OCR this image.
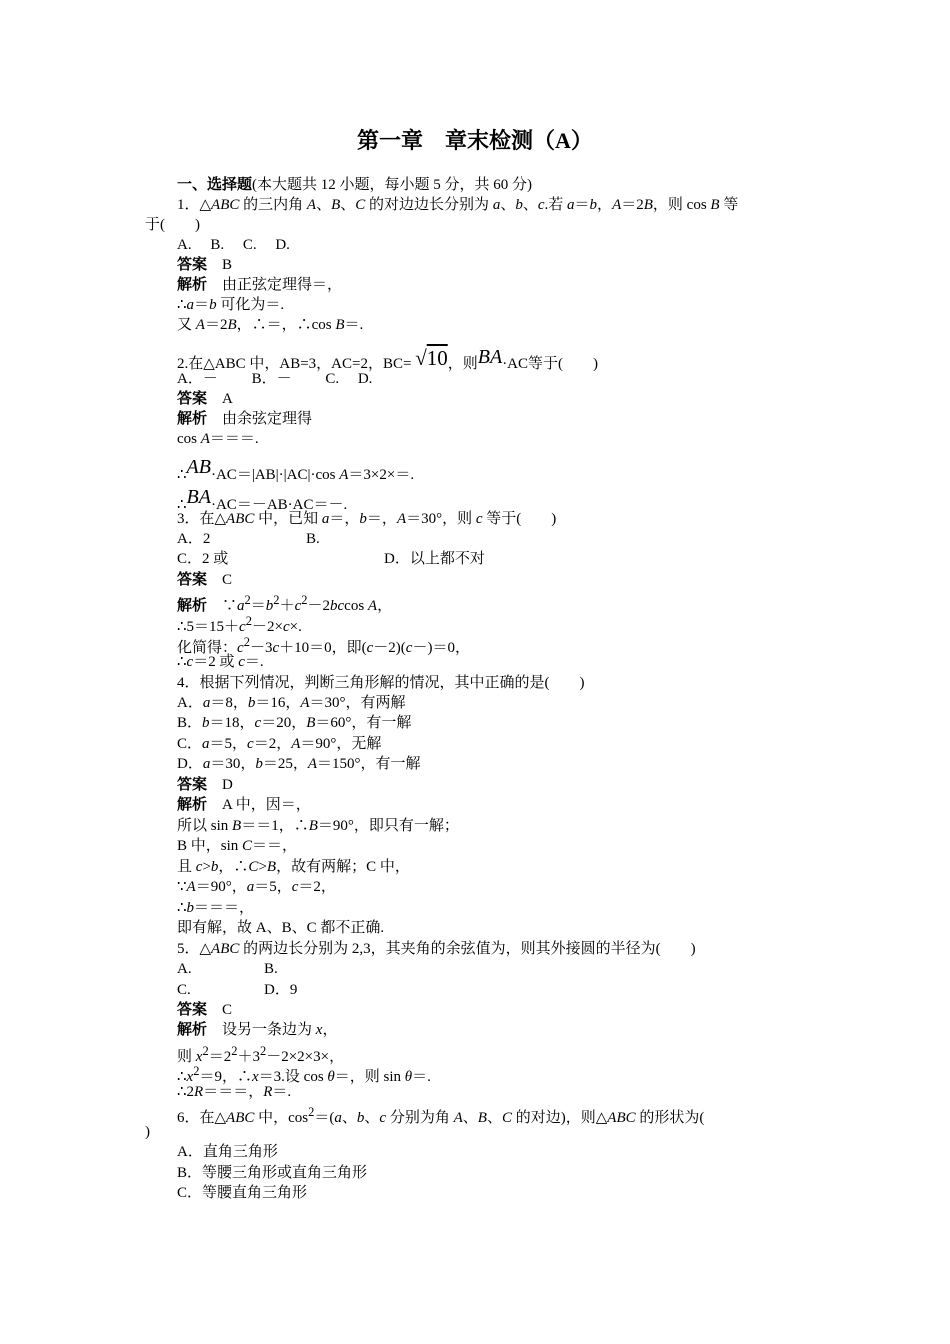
第一章　章末检测（A）
一、选择题(本大题共 12 小题，每小题 5 分，共 60 分)
1．△ABC 的三内角 A、B、C 的对边边长分别为 a、b、c.若 a＝b，A＝2B，则 cos B 等
于(　　)
A.　 B.　 C.　 D.
答案　B
解析　由正弦定理得＝，
∴a＝b 可化为＝.
又 A＝2B，∴＝，∴cos B＝.
2.在△ABC 中，AB=3，AC=2，BC= √10，则BA·AC等于(　　)
A．－　　 B．－　　 C.　 D.
答案　A
解析　由余弦定理得
cos A＝＝＝.
∴AB·AC＝|AB|·|AC|·cos A＝3×2×＝.
∴BA·AC＝－AB·AC＝－.
3．在△ABC 中，已知 a＝，b＝，A＝30°，则 c 等于(　　)
A．2	B.
C．2 或	D．以上都不对
答案　C
解析　$\because a^2=b^2+c^2-2bccos$ A，
$\therefore 5=15+c^2-2\times c\times$.
化简得：$c^2-3c+10=0$，即(c－2)(c－)＝0，
∴c＝2 或 c＝.
4．根据下列情况，判断三角形解的情况，其中正确的是(　　)
A．a＝8，b＝16，A＝30°，有两解
B．b＝18，c＝20，B＝60°，有一解
C．a＝5，c＝2，A＝90°，无解
D．a＝30，b＝25，A＝150°，有一解
答案　D
解析　A 中，因＝，
所以 sin B＝＝1，∴B＝90°，即只有一解；
B 中，sin C＝＝，
且 c>b，∴C>B，故有两解；C 中，
∵A＝90°，a＝5，c＝2，
∴b＝＝＝，
即有解，故 A、B、C 都不正确.
5．△ABC 的两边长分别为 2,3，其夹角的余弦值为，则其外接圆的半径为(　　)
A.	B.
C.	D．9
答案　C
解析　设另一条边为 x，
则 $x^2=2^2+3^2-2\times 2\times 3\times$，
$\therefore x^2=9$，∴x＝3.设 cos θ＝，则 sin θ＝.
∴2R＝＝＝，R＝.
6．在△ABC 中，$\cos^2=(a$、b、c 分别为角 A、B、C 的对边)，则△ABC 的形状为(
)
A．直角三角形
B．等腰三角形或直角三角形
C．等腰直角三角形
